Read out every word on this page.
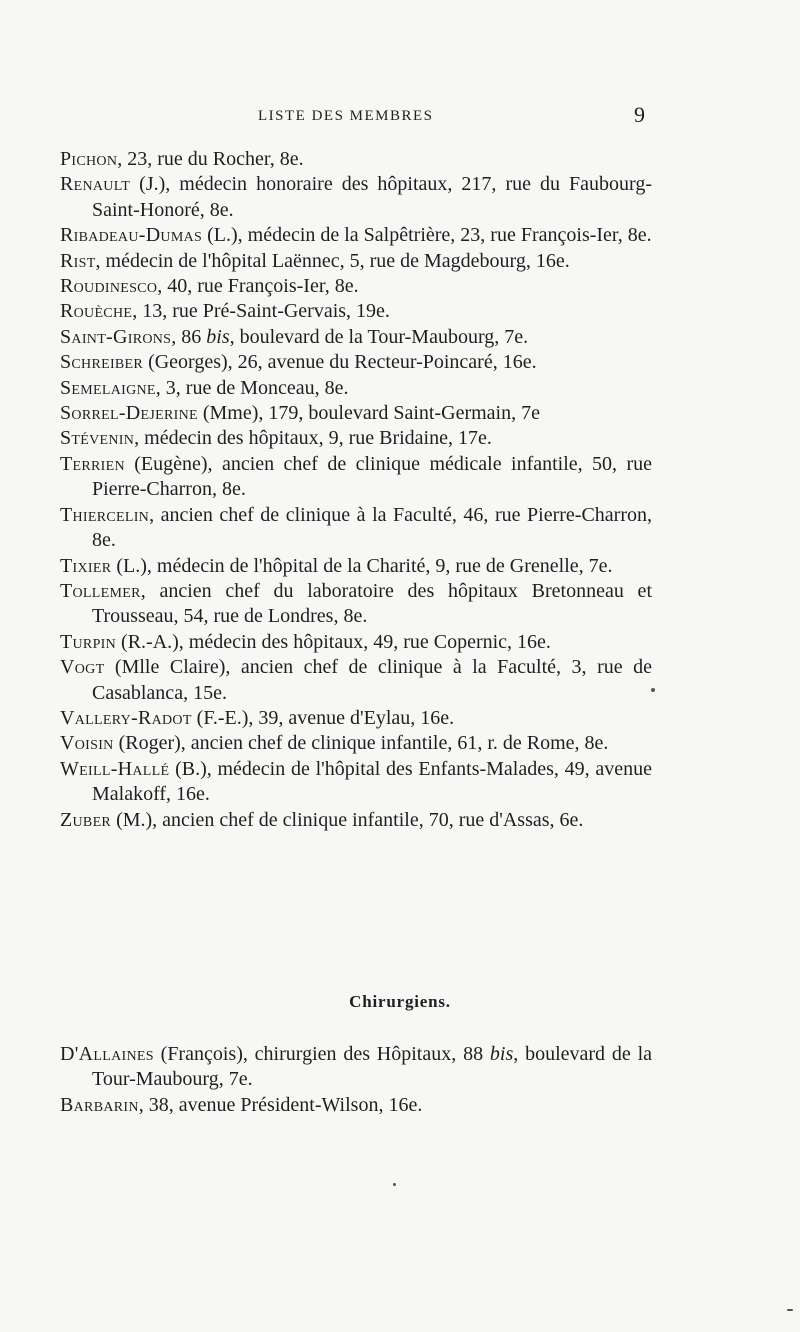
LISTE DES MEMBRES	9

Pichon, 23, rue du Rocher, 8e.

Renault (J.), médecin honoraire des hôpitaux, 217, rue du Faubourg-Saint-Honoré, 8e.

Ribadeau-Dumas (L.), médecin de la Salpêtrière, 23, rue François-Ier, 8e.

Rist, médecin de l'hôpital Laënnec, 5, rue de Magdebourg, 16e.

Roudinesco, 40, rue François-Ier, 8e.

Rouèche, 13, rue Pré-Saint-Gervais, 19e.

Saint-Girons, 86 bis, boulevard de la Tour-Maubourg, 7e.

Schreiber (Georges), 26, avenue du Recteur-Poincaré, 16e.

Semelaigne, 3, rue de Monceau, 8e.

Sorrel-Dejerine (Mme), 179, boulevard Saint-Germain, 7e

Stévenin, médecin des hôpitaux, 9, rue Bridaine, 17e.

Terrien (Eugène), ancien chef de clinique médicale infantile, 50, rue Pierre-Charron, 8e.

Thiercelin, ancien chef de clinique à la Faculté, 46, rue Pierre-Charron, 8e.

Tixier (L.), médecin de l'hôpital de la Charité, 9, rue de Grenelle, 7e.

Tollemer, ancien chef du laboratoire des hôpitaux Bretonneau et Trousseau, 54, rue de Londres, 8e.

Turpin (R.-A.), médecin des hôpitaux, 49, rue Copernic, 16e.

Vogt (Mlle Claire), ancien chef de clinique à la Faculté, 3, rue de Casablanca, 15e.

Vallery-Radot (F.-E.), 39, avenue d'Eylau, 16e.

Voisin (Roger), ancien chef de clinique infantile, 61, r. de Rome, 8e.

Weill-Hallé (B.), médecin de l'hôpital des Enfants-Malades, 49, avenue Malakoff, 16e.

Zuber (M.), ancien chef de clinique infantile, 70, rue d'Assas, 6e.

Chirurgiens.

D'Allaines (François), chirurgien des Hôpitaux, 88 bis, boulevard de la Tour-Maubourg, 7e.

Barbarin, 38, avenue Président-Wilson, 16e.
